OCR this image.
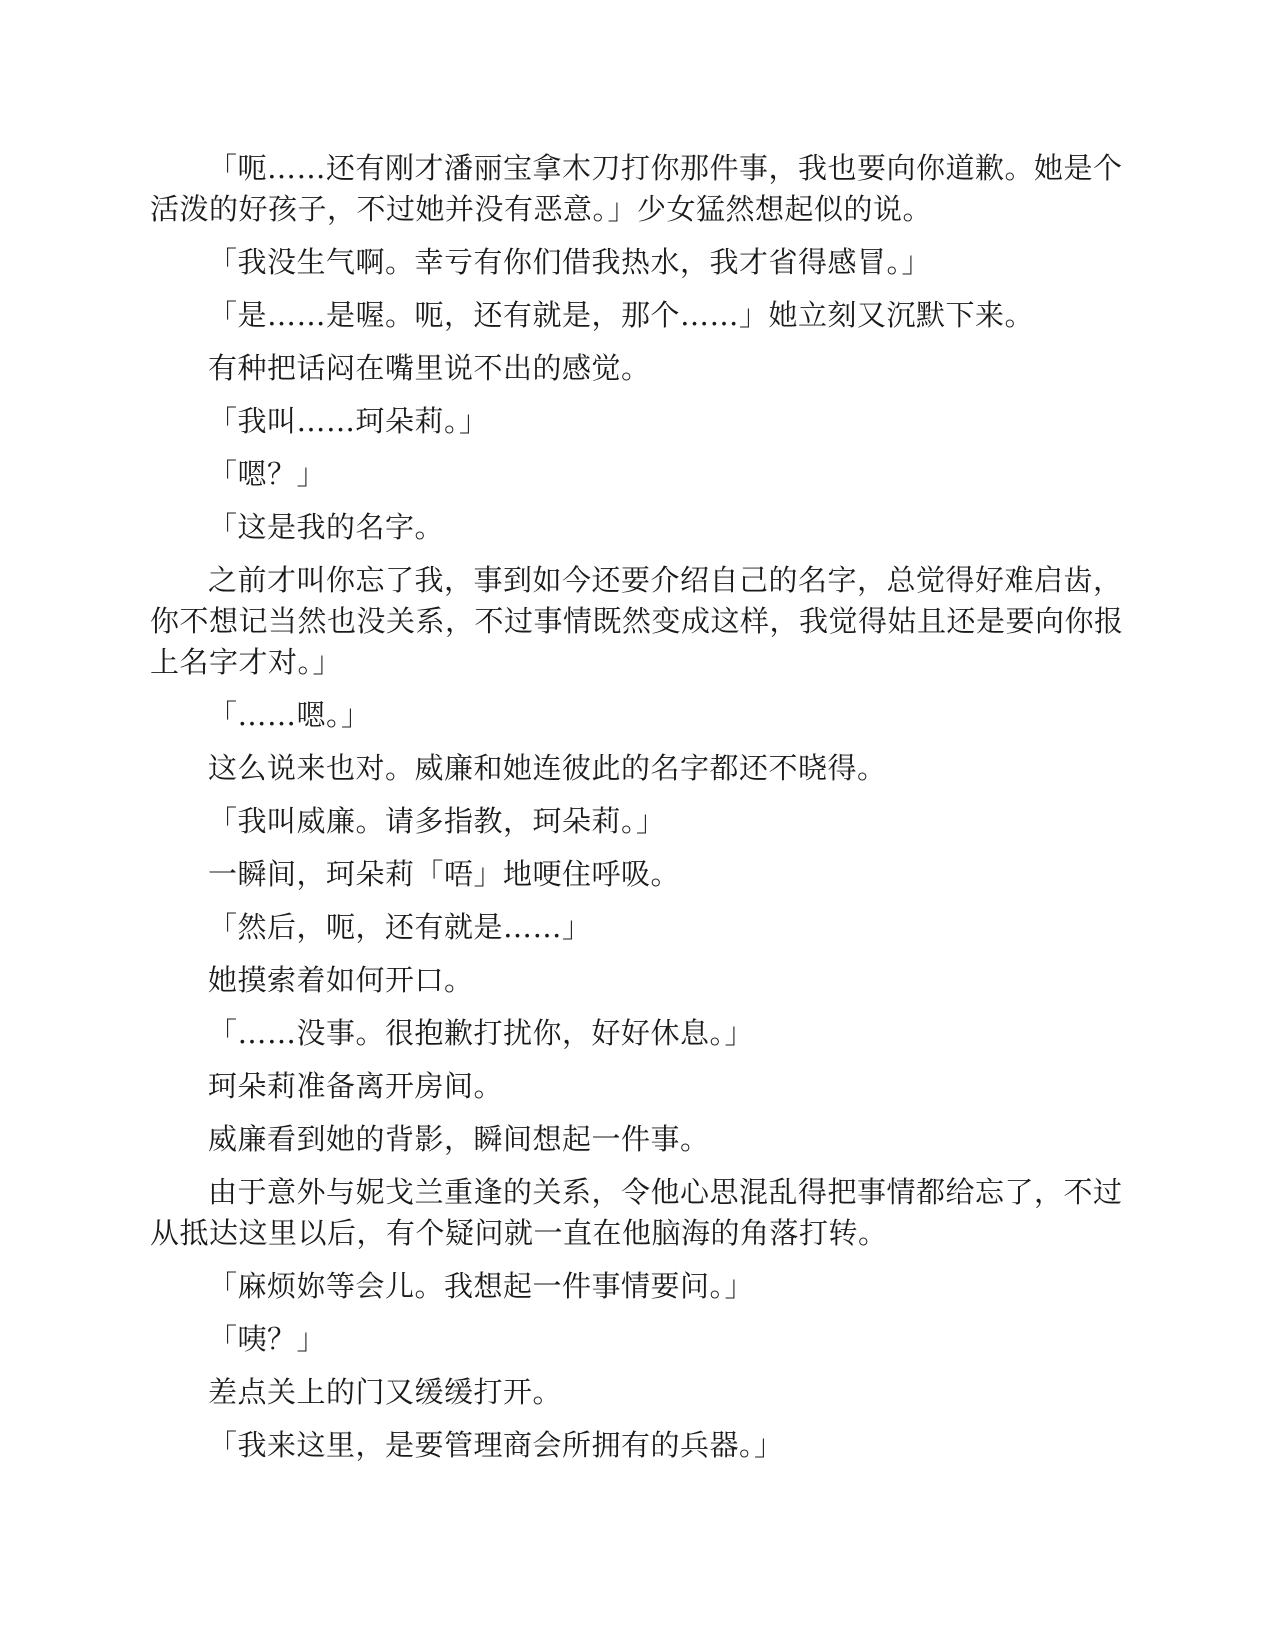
「呃……还有刚才潘丽宝拿木刀打你那件事，我也要向你道歉。她是个活泼的好孩子，不过她并没有恶意。」少女猛然想起似的说。

「我没生气啊。幸亏有你们借我热水，我才省得感冒。」

「是……是喔。呃，还有就是，那个……」她立刻又沉默下来。

有种把话闷在嘴里说不出的感觉。

「我叫……珂朵莉。」

「嗯？」

「这是我的名字。

之前才叫你忘了我，事到如今还要介绍自己的名字，总觉得好难启齿，你不想记当然也没关系，不过事情既然变成这样，我觉得姑且还是要向你报上名字才对。」

「……嗯。」

这么说来也对。威廉和她连彼此的名字都还不晓得。

「我叫威廉。请多指教，珂朵莉。」

一瞬间，珂朵莉「唔」地哽住呼吸。

「然后，呃，还有就是……」

她摸索着如何开口。

「……没事。很抱歉打扰你，好好休息。」

珂朵莉准备离开房间。

威廉看到她的背影，瞬间想起一件事。

由于意外与妮戈兰重逢的关系，令他心思混乱得把事情都给忘了，不过从抵达这里以后，有个疑问就一直在他脑海的角落打转。

「麻烦妳等会儿。我想起一件事情要问。」

「咦？」

差点关上的门又缓缓打开。

「我来这里，是要管理商会所拥有的兵器。」
